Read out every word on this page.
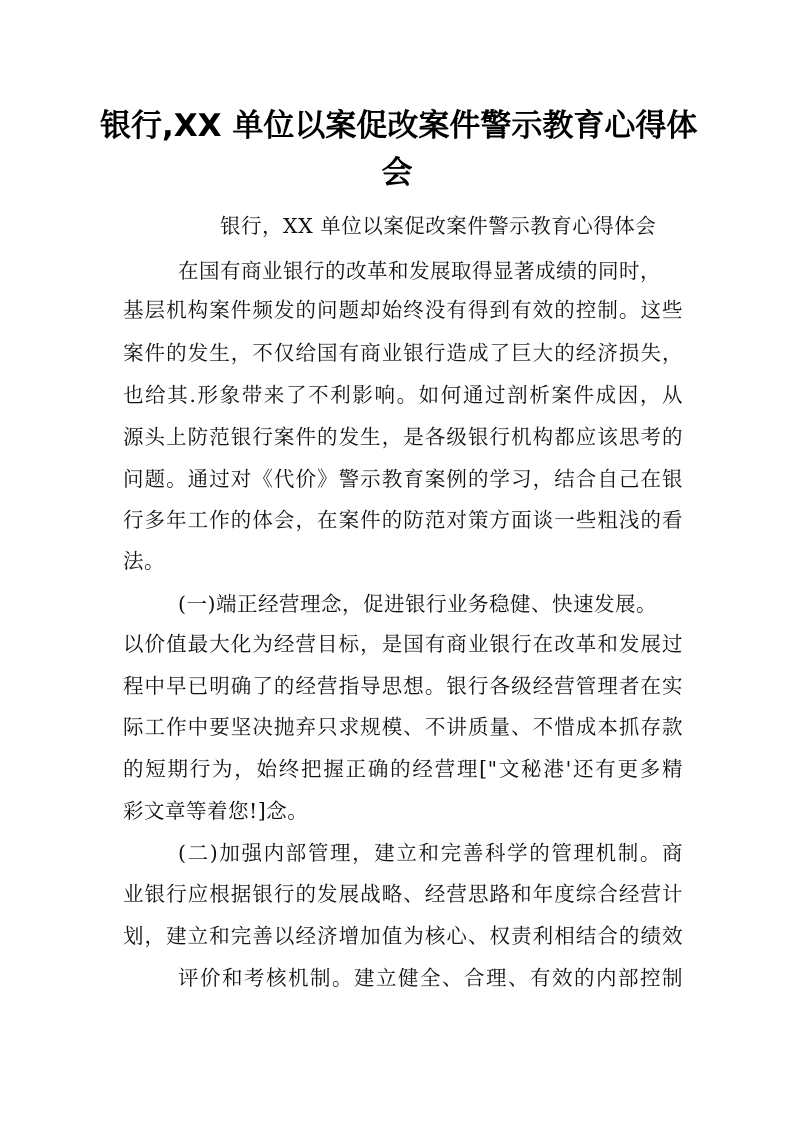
银行,XX 单位以案促改案件警示教育心得体
会
银行，XX 单位以案促改案件警示教育心得体会
在国有商业银行的改革和发展取得显著成绩的同时，
基层机构案件频发的问题却始终没有得到有效的控制。这些
案件的发生，不仅给国有商业银行造成了巨大的经济损失，
也给其.形象带来了不利影响。如何通过剖析案件成因，从
源头上防范银行案件的发生，是各级银行机构都应该思考的
问题。通过对《代价》警示教育案例的学习，结合自己在银
行多年工作的体会，在案件的防范对策方面谈一些粗浅的看
法。
(一)端正经营理念，促进银行业务稳健、快速发展。
以价值最大化为经营目标，是国有商业银行在改革和发展过
程中早已明确了的经营指导思想。银行各级经营管理者在实
际工作中要坚决抛弃只求规模、不讲质量、不惜成本抓存款
的短期行为，始终把握正确的经营理["文秘港'还有更多精
彩文章等着您!]念。
(二)加强内部管理，建立和完善科学的管理机制。商
业银行应根据银行的发展战略、经营思路和年度综合经营计
划，建立和完善以经济增加值为核心、权责利相结合的绩效
评价和考核机制。建立健全、合理、有效的内部控制
